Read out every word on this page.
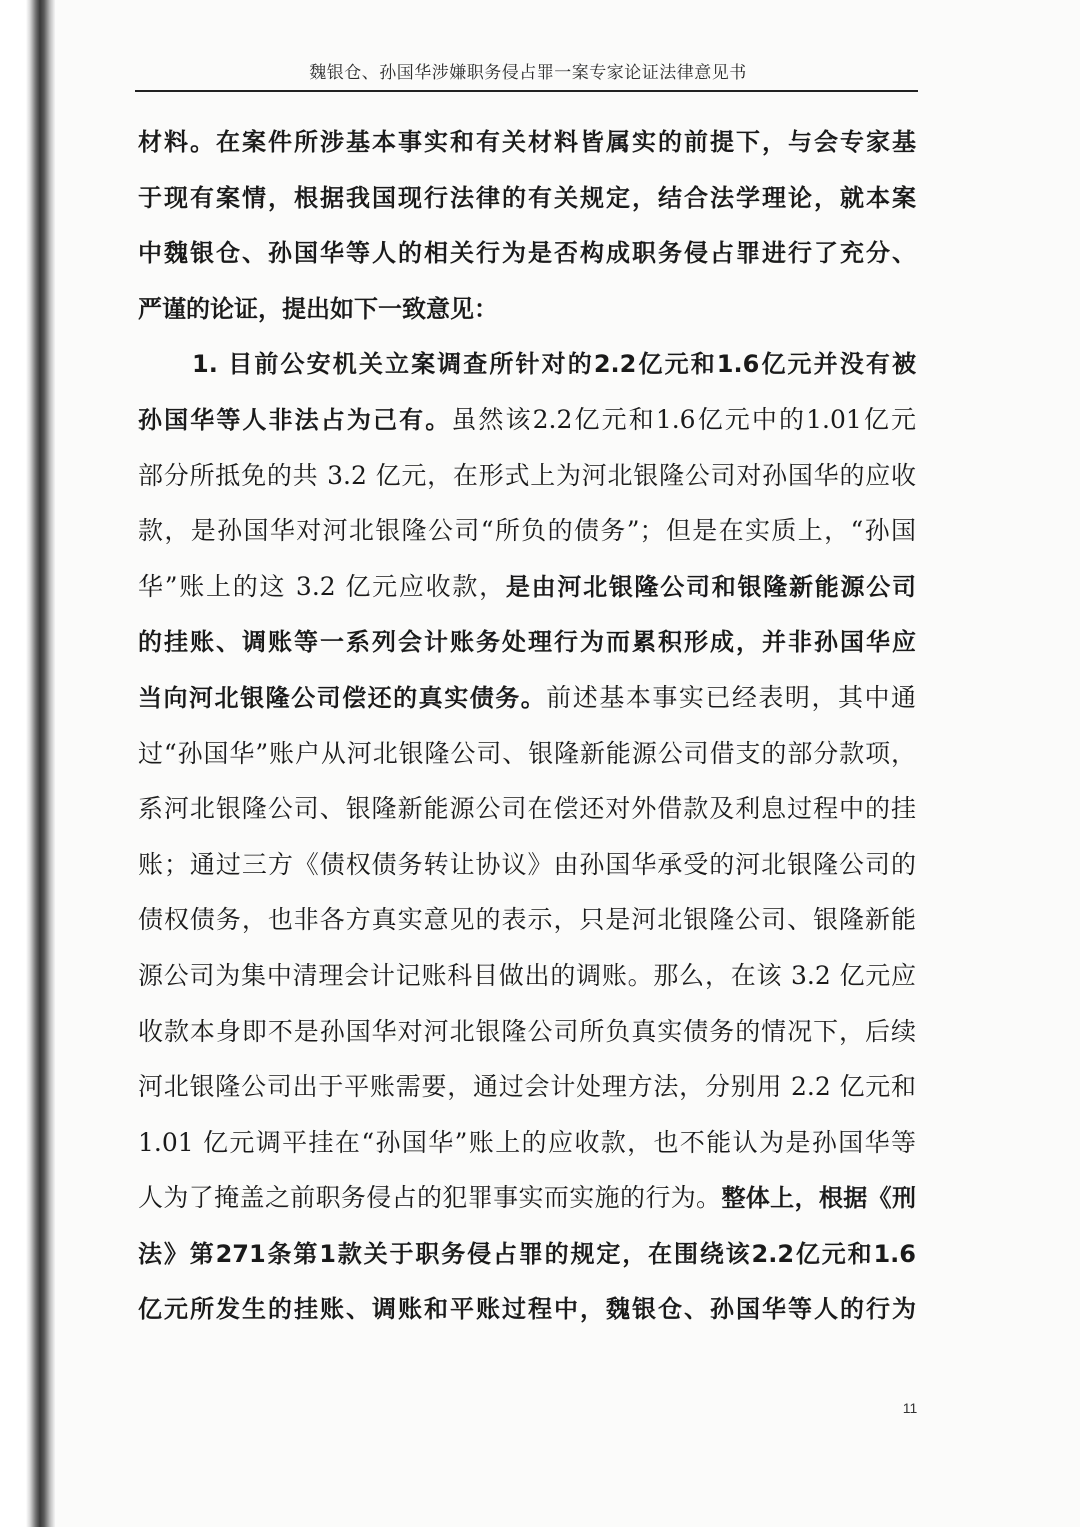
魏银仓、孙国华涉嫌职务侵占罪一案专家论证法律意见书
材料。在案件所涉基本事实和有关材料皆属实的前提下，与会专家基
于现有案情，根据我国现行法律的有关规定，结合法学理论，就本案
中魏银仓、孙国华等人的相关行为是否构成职务侵占罪进行了充分、
严谨的论证，提出如下一致意见：
1. 目前公安机关立案调查所针对的2.2亿元和1.6亿元并没有被
孙国华等人非法占为己有。虽然该2.2亿元和1.6亿元中的1.01亿元
部分所抵免的共 3.2 亿元，在形式上为河北银隆公司对孙国华的应收
款，是孙国华对河北银隆公司“所负的债务”；但是在实质上，“孙国
华”账上的这 3.2 亿元应收款，是由河北银隆公司和银隆新能源公司
的挂账、调账等一系列会计账务处理行为而累积形成，并非孙国华应
当向河北银隆公司偿还的真实债务。前述基本事实已经表明，其中通
过“孙国华”账户从河北银隆公司、银隆新能源公司借支的部分款项，
系河北银隆公司、银隆新能源公司在偿还对外借款及利息过程中的挂
账；通过三方《债权债务转让协议》由孙国华承受的河北银隆公司的
债权债务，也非各方真实意见的表示，只是河北银隆公司、银隆新能
源公司为集中清理会计记账科目做出的调账。那么，在该 3.2 亿元应
收款本身即不是孙国华对河北银隆公司所负真实债务的情况下，后续
河北银隆公司出于平账需要，通过会计处理方法，分别用 2.2 亿元和
1.01 亿元调平挂在“孙国华”账上的应收款，也不能认为是孙国华等
人为了掩盖之前职务侵占的犯罪事实而实施的行为。整体上，根据《刑
法》第271条第1款关于职务侵占罪的规定，在围绕该2.2亿元和1.6
亿元所发生的挂账、调账和平账过程中，魏银仓、孙国华等人的行为
11
